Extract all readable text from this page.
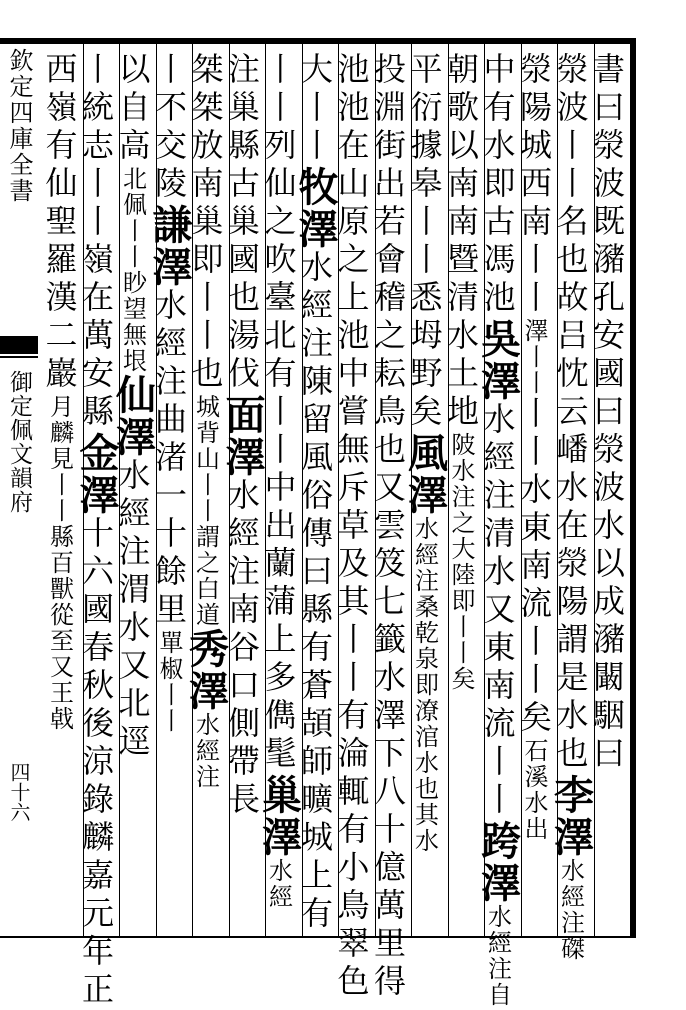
欽定四庫全書
御定佩文韻府
四十六
書曰滎波既瀦孔安國曰滎波水以成瀦闞駰曰
滎波丨丨名也故吕忱云嶓水在滎陽謂是水也李澤水經注磔
滎陽城西南丨丨澤丨丨丨丨水東南流丨丨矣石溪水出
中有水即古馮池吳澤水經注清水又東南流丨丨跨澤水經注自
朝歌以南南暨清水土地陂水注之大陸即丨丨矣
平衍據皋丨丨悉坶野矣風澤水經注桑乾泉即潦涫水也其水
投淵街出若會稽之耘鳥也又雲笈七籤水澤下八十億萬里得
池池在山原之上池中嘗無斥草及其丨丨有淪輒有小鳥翠色
大丨丨牧澤水經注陳留風俗傳曰縣有蒼頡師曠城上有
丨丨列仙之吹臺北有丨丨中出蘭蒲上多儁髦巢澤水經
注巢縣古巢國也湯伐面澤水經注南谷口側帶長
桀桀放南巢即丨丨也城背山丨丨謂之白道秀澤水經注
丨不交陵謙澤水經注曲渚一十餘里單椒丨丨
以自高北佩丨丨眇望無垠仙澤水經注渭水又北逕
丨統志丨丨嶺在萬安縣金澤十六國春秋後涼錄麟嘉元年正
西嶺有仙聖羅漢二巖月麟見丨丨縣百獸從至又王㦸
